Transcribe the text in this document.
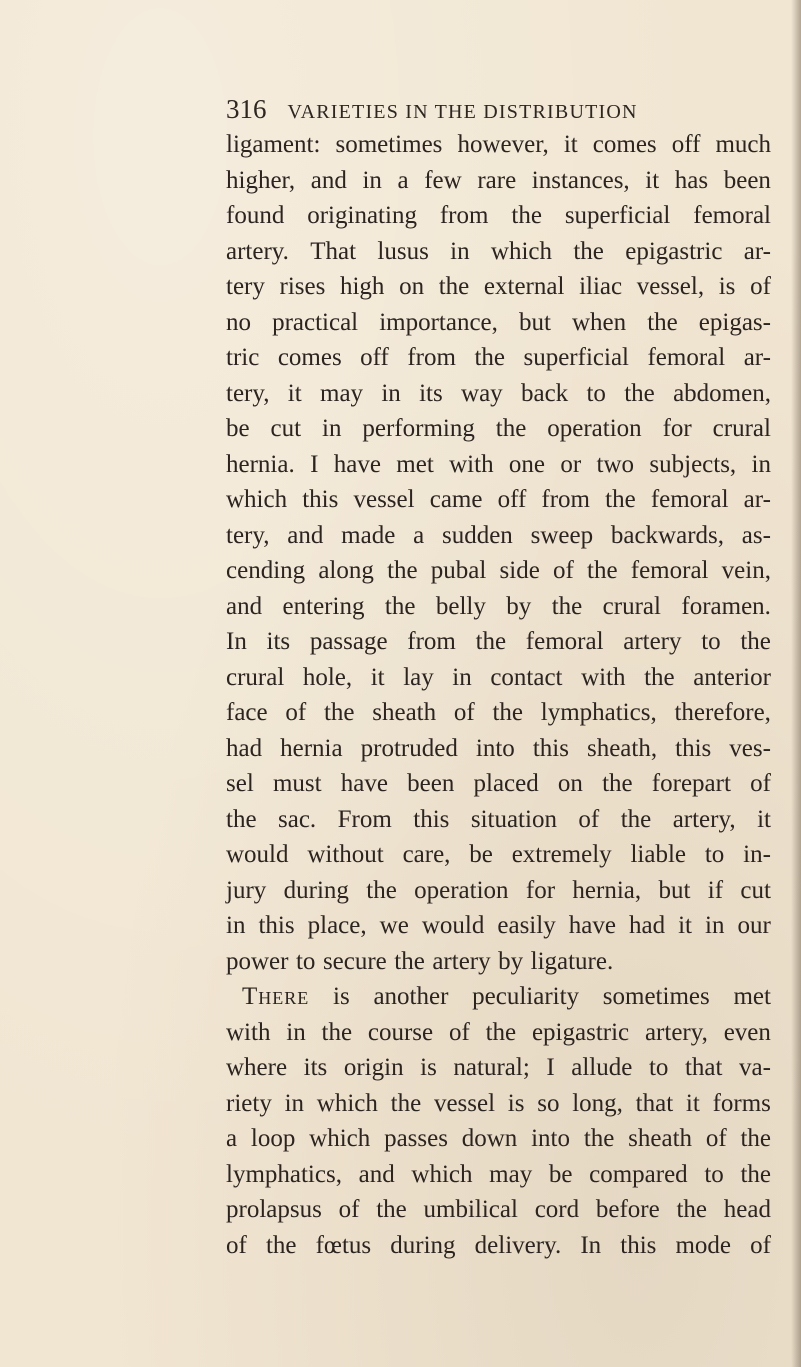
316 VARIETIES IN THE DISTRIBUTION
ligament: sometimes however, it comes off much
higher, and in a few rare instances, it has been
found originating from the superficial femoral
artery. That lusus in which the epigastric ar-
tery rises high on the external iliac vessel, is of
no practical importance, but when the epigas-
tric comes off from the superficial femoral ar-
tery, it may in its way back to the abdomen,
be cut in performing the operation for crural
hernia. I have met with one or two subjects, in
which this vessel came off from the femoral ar-
tery, and made a sudden sweep backwards, as-
cending along the pubal side of the femoral vein,
and entering the belly by the crural foramen.
In its passage from the femoral artery to the
crural hole, it lay in contact with the anterior
face of the sheath of the lymphatics, therefore,
had hernia protruded into this sheath, this ves-
sel must have been placed on the forepart of
the sac. From this situation of the artery, it
would without care, be extremely liable to in-
jury during the operation for hernia, but if cut
in this place, we would easily have had it in our
power to secure the artery by ligature.
There is another peculiarity sometimes met
with in the course of the epigastric artery, even
where its origin is natural; I allude to that va-
riety in which the vessel is so long, that it forms
a loop which passes down into the sheath of the
lymphatics, and which may be compared to the
prolapsus of the umbilical cord before the head
of the fœtus during delivery. In this mode of
